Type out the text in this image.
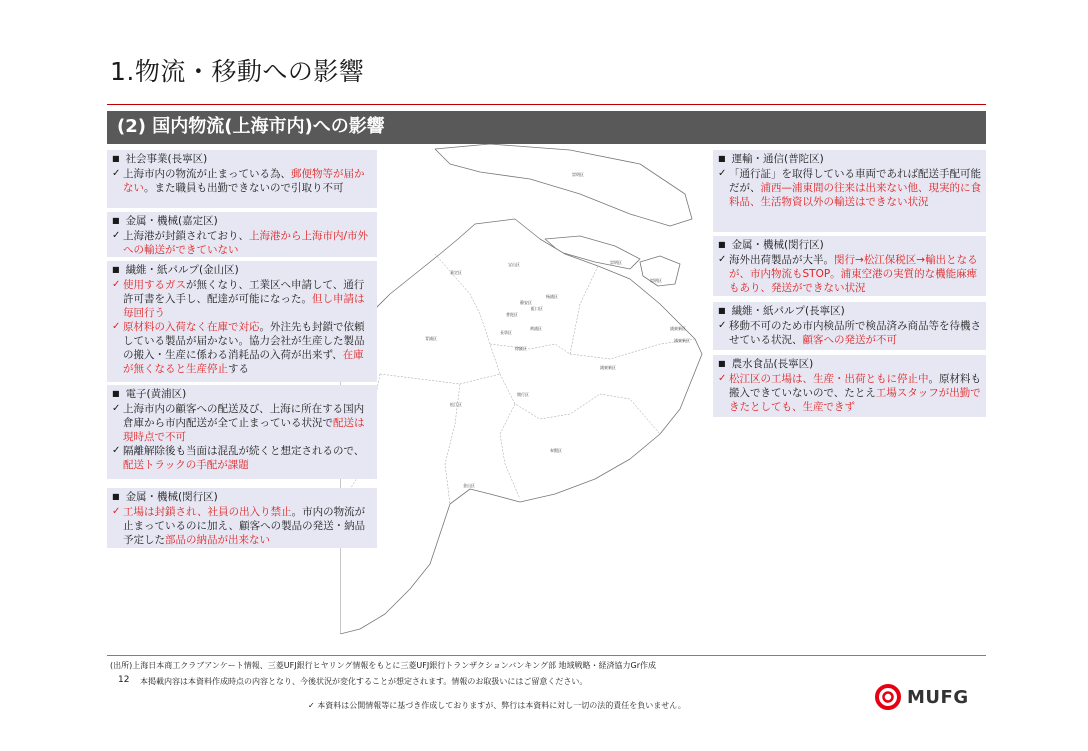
1.物流・移動への影響
(2) 国内物流(上海市内)への影響
崇明区
崇明区
崇明区
嘉定区
宝山区
静安区
杨浦区
普陀区
虹口区
長寧区
黄浦区
徐匯区
青浦区
浦東新区
浦東新区
浦東新区
閔行区
松江区
奉賢区
金山区
■ 社会事業(長寧区)
✓ 上海市内の物流が止まっている為、郵便物等が届かない。また職員も出勤できないので引取り不可
■ 金属・機械(嘉定区)
✓ 上海港が封鎖されており、上海港から上海市内/市外への輸送ができていない
■ 繊維・紙パルプ(金山区)
✓ 使用するガスが無くなり、工業区へ申請して、通行許可書を入手し、配達が可能になった。但し申請は毎回行う
✓ 原材料の入荷なく在庫で対応。外注先も封鎖で依頼している製品が届かない。協力会社が生産した製品の搬入・生産に係わる消耗品の入荷が出来ず、在庫が無くなると生産停止する
■ 電子(黄浦区)
✓ 上海市内の顧客への配送及び、上海に所在する国内倉庫から市内配送が全て止まっている状況で配送は現時点で不可
✓ 隔離解除後も当面は混乱が続くと想定されるので、配送トラックの手配が課題
■ 金属・機械(閔行区)
✓ 工場は封鎖され、社員の出入り禁止。市内の物流が止まっているのに加え、顧客への製品の発送・納品予定した部品の納品が出来ない
■ 運輸・通信(普陀区)
✓ 「通行証」を取得している車両であれば配送手配可能だが、浦西—浦東間の往来は出来ない他、現実的に食料品、生活物資以外の輸送はできない状況
■ 金属・機械(閔行区)
✓ 海外出荷製品が大半。閔行→松江保税区→輸出となるが、市内物流もSTOP。浦東空港の実質的な機能麻痺もあり、発送ができない状況
■ 繊維・紙パルプ(長寧区)
✓ 移動不可のため市内検品所で検品済み商品等を待機させている状況、顧客への発送が不可
■ 農水食品(長寧区)
✓ 松江区の工場は、生産・出荷ともに停止中。原材料も搬入できていないので、たとえ工場スタッフが出勤できたとしても、生産できず
(出所)上海日本商工クラブアンケート情報、三菱UFJ銀行ヒヤリング情報をもとに三菱UFJ銀行トランザクションバンキング部 地域戦略・経済協力Gr作成
12 本掲載内容は本資料作成時点の内容となり、今後状況が変化することが想定されます。情報のお取扱いにはご留意ください。
✓ 本資料は公開情報等に基づき作成しておりますが、弊行は本資料に対し一切の法的責任を負いません。	MUFG
